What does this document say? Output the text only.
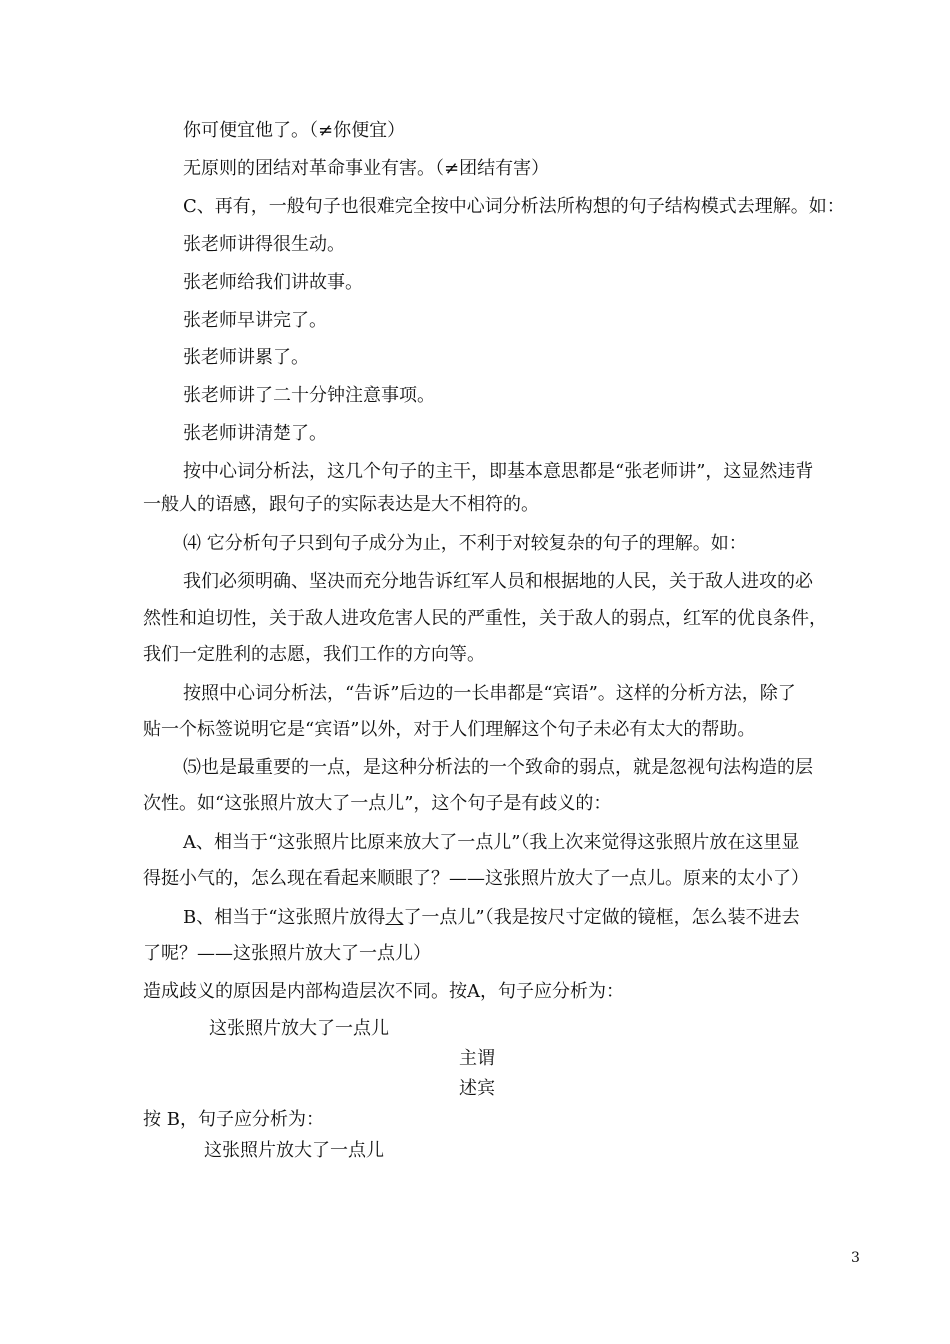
你可便宜他了。（≠你便宜）
无原则的团结对革命事业有害。（≠团结有害）
C、再有，一般句子也很难完全按中心词分析法所构想的句子结构模式去理解。如：
张老师讲得很生动。
张老师给我们讲故事。
张老师早讲完了。
张老师讲累了。
张老师讲了二十分钟注意事项。
张老师讲清楚了。
按中心词分析法，这几个句子的主干，即基本意思都是“张老师讲”，这显然违背
一般人的语感，跟句子的实际表达是大不相符的。
⑷ 它分析句子只到句子成分为止，不利于对较复杂的句子的理解。如：
我们必须明确、坚决而充分地告诉红军人员和根据地的人民，关于敌人进攻的必
然性和迫切性，关于敌人进攻危害人民的严重性，关于敌人的弱点，红军的优良条件，
我们一定胜利的志愿，我们工作的方向等。
按照中心词分析法，“告诉”后边的一长串都是“宾语”。这样的分析方法，除了
贴一个标签说明它是“宾语”以外，对于人们理解这个句子未必有太大的帮助。
⑸也是最重要的一点，是这种分析法的一个致命的弱点，就是忽视句法构造的层
次性。如“这张照片放大了一点儿”，这个句子是有歧义的：
A、相当于“这张照片比原来放大了一点儿”（我上次来觉得这张照片放在这里显
得挺小气的，怎么现在看起来顺眼了？——这张照片放大了一点儿。原来的太小了）
B、相当于“这张照片放得大了一点儿”（我是按尺寸定做的镜框，怎么装不进去
了呢？——这张照片放大了一点儿）
造成歧义的原因是内部构造层次不同。按A，句子应分析为：
这张照片放大了一点儿
主谓
述宾
按 B，句子应分析为：
这张照片放大了一点儿
3
